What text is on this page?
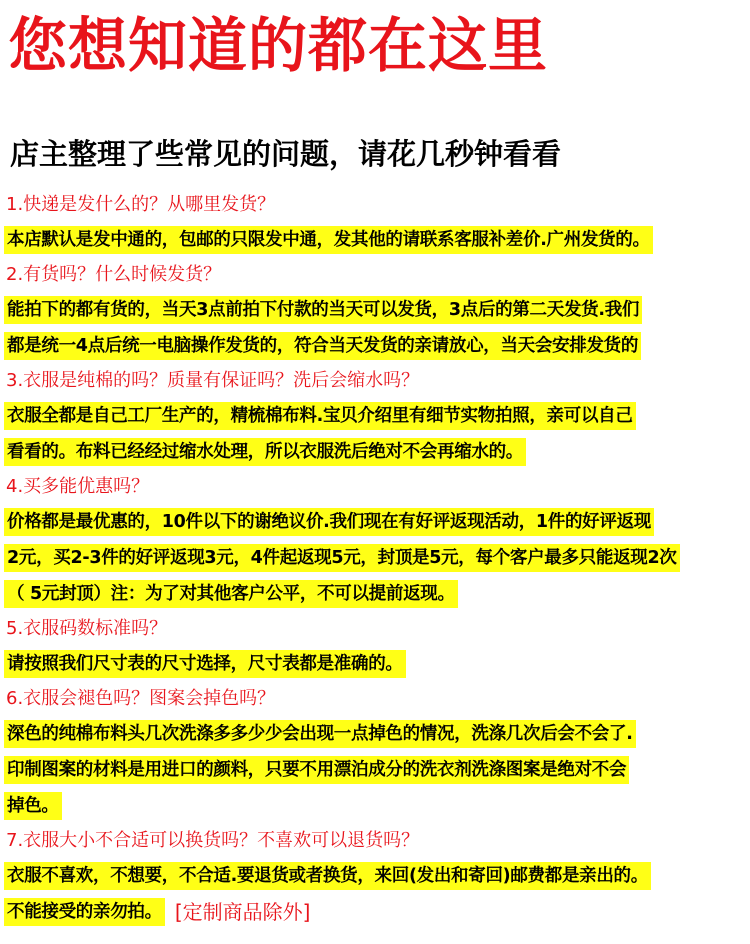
您想知道的都在这里
店主整理了些常见的问题，请花几秒钟看看
1.快递是发什么的？从哪里发货？
本店默认是发中通的，包邮的只限发中通，发其他的请联系客服补差价.广州发货的。
2.有货吗？什么时候发货？
能拍下的都有货的，当天3点前拍下付款的当天可以发货，3点后的第二天发货.我们
都是统一4点后统一电脑操作发货的，符合当天发货的亲请放心，当天会安排发货的
3.衣服是纯棉的吗？质量有保证吗？洗后会缩水吗？
衣服全都是自己工厂生产的，精梳棉布料.宝贝介绍里有细节实物拍照，亲可以自己
看看的。布料已经经过缩水处理，所以衣服洗后绝对不会再缩水的。
4.买多能优惠吗？
价格都是最优惠的，10件以下的谢绝议价.我们现在有好评返现活动，1件的好评返现
2元，买2-3件的好评返现3元，4件起返现5元，封顶是5元，每个客户最多只能返现2次
（ 5元封顶）注：为了对其他客户公平，不可以提前返现。
5.衣服码数标准吗？
请按照我们尺寸表的尺寸选择，尺寸表都是准确的。
6.衣服会褪色吗？图案会掉色吗？
深色的纯棉布料头几次洗涤多多少少会出现一点掉色的情况，洗涤几次后会不会了.
印制图案的材料是用进口的颜料，只要不用漂泊成分的洗衣剂洗涤图案是绝对不会
掉色。
7.衣服大小不合适可以换货吗？不喜欢可以退货吗？
衣服不喜欢，不想要，不合适.要退货或者换货，来回(发出和寄回)邮费都是亲出的。
不能接受的亲勿拍。 [定制商品除外]
